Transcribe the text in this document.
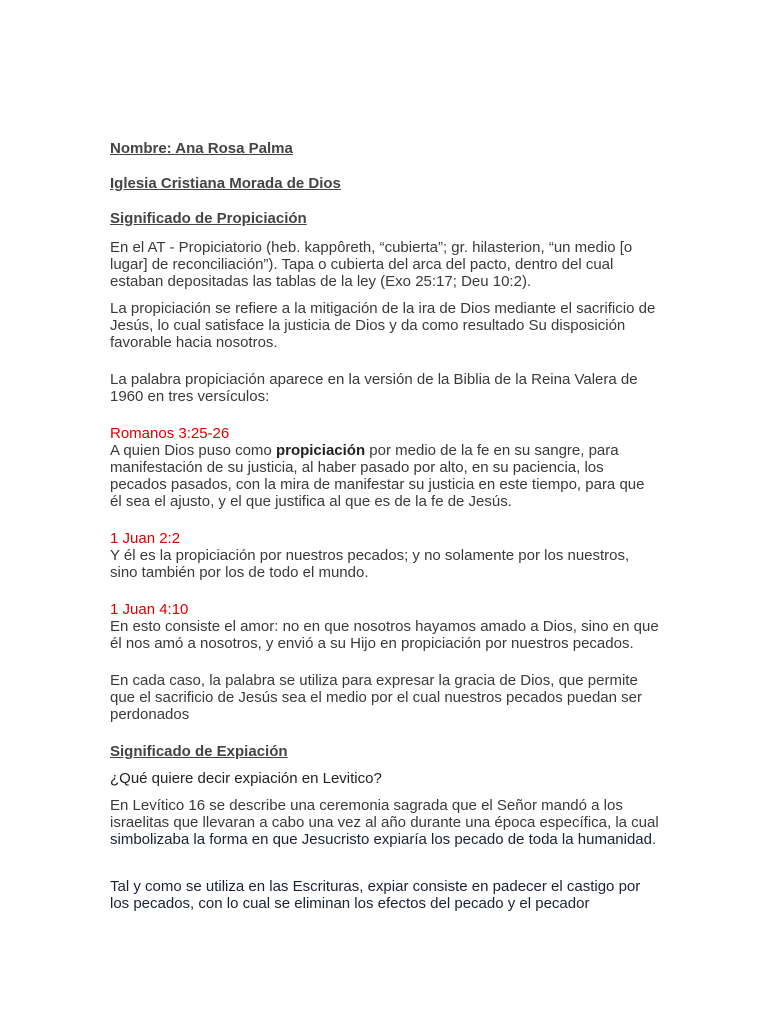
Nombre: Ana Rosa Palma
Iglesia Cristiana Morada de Dios
Significado de Propiciación

En el AT - Propiciatorio (heb. kappôreth, “cubierta”; gr. hilasterion, “un medio [o lugar] de reconciliación”). Tapa o cubierta del arca del pacto, dentro del cual estaban depositadas las tablas de la ley (Exo 25:17; Deu 10:2).

La propiciación se refiere a la mitigación de la ira de Dios mediante el sacrificio de Jesús, lo cual satisface la justicia de Dios y da como resultado Su disposición favorable hacia nosotros.

La palabra propiciación aparece en la versión de la Biblia de la Reina Valera de 1960 en tres versículos:

Romanos 3:25-26
A quien Dios puso como propiciación por medio de la fe en su sangre, para manifestación de su justicia, al haber pasado por alto, en su paciencia, los pecados pasados, con la mira de manifestar su justicia en este tiempo, para que él sea el ajusto, y el que justifica al que es de la fe de Jesús.
1 Juan 2:2
Y él es la propiciación por nuestros pecados; y no solamente por los nuestros, sino también por los de todo el mundo.
1 Juan 4:10
En esto consiste el amor: no en que nosotros hayamos amado a Dios, sino en que él nos amó a nosotros, y envió a su Hijo en propiciación por nuestros pecados.

En cada caso, la palabra se utiliza para expresar la gracia de Dios, que permite que el sacrificio de Jesús sea el medio por el cual nuestros pecados puedan ser perdonados

Significado de Expiación

¿Qué quiere decir expiación en Levitico?

En Levítico 16 se describe una ceremonia sagrada que el Señor mandó a los israelitas que llevaran a cabo una vez al año durante una época específica, la cual simbolizaba la forma en que Jesucristo expiaría los pecado de toda la humanidad.

Tal y como se utiliza en las Escrituras, expiar consiste en padecer el castigo por los pecados, con lo cual se eliminan los efectos del pecado y el pecador
